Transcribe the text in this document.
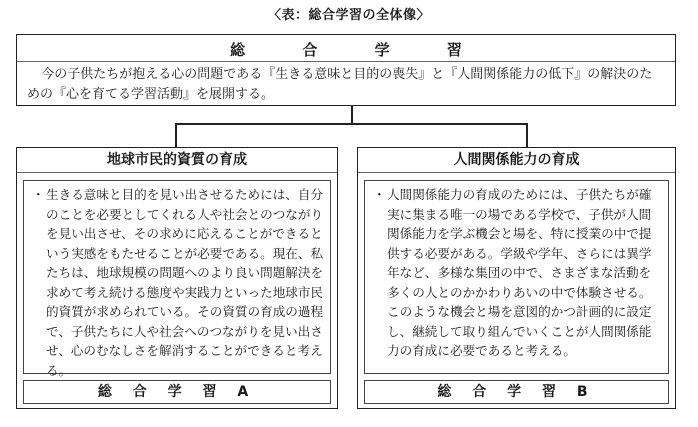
〈表：総合学習の全体像〉
総 合 学 習
今の子供たちが抱える心の問題である『生きる意味と目的の喪失』と『人間関係能力の低下』の解決のための『心を育てる学習活動』を展開する。
地球市民的資質の育成
・ 生きる意味と目的を見い出させるためには、自分のことを必要としてくれる人や社会とのつながりを見い出させ、その求めに応えることができるという実感をもたせることが必要である。現在、私たちは、地球規模の問題へのより良い問題解決を求めて考え続ける態度や実践力といった地球市民的資質が求められている。その資質の育成の過程で、子供たちに人や社会へのつながりを見い出させ、心のむなしさを解消することができると考える。
総 合 学 習 A
人間関係能力の育成
・ 人間関係能力の育成のためには、子供たちが確実に集まる唯一の場である学校で、子供が人間関係能力を学ぶ機会と場を、特に授業の中で提供する必要がある。学級や学年、さらには異学年など、多様な集団の中で、さまざまな活動を多くの人とのかかわりあいの中で体験させる。このような機会と場を意図的かつ計画的に設定し、継続して取り組んでいくことが人間関係能力の育成に必要であると考える。
総 合 学 習 B
